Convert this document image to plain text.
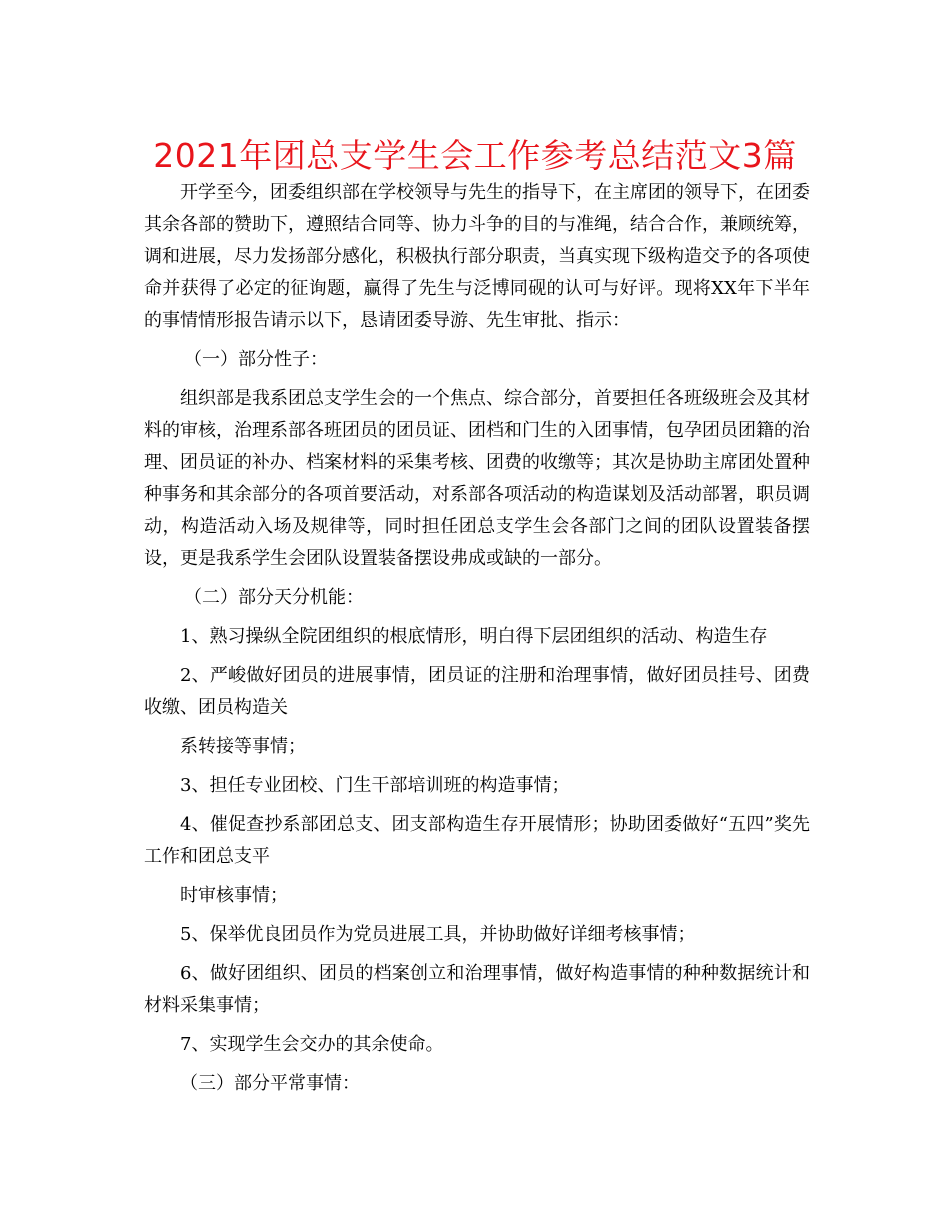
2021年团总支学生会工作参考总结范文3篇

开学至今，团委组织部在学校领导与先生的指导下，在主席团的领导下，在团委其余各部的赞助下，遵照结合同等、协力斗争的目的与准绳，结合合作，兼顾统筹，调和进展，尽力发扬部分感化，积极执行部分职责，当真实现下级构造交予的各项使命并获得了必定的征询题，赢得了先生与泛博同砚的认可与好评。现将XX年下半年的事情情形报告请示以下，恳请团委导游、先生审批、指示：

（一）部分性子：

组织部是我系团总支学生会的一个焦点、综合部分，首要担任各班级班会及其材料的审核，治理系部各班团员的团员证、团档和门生的入团事情，包孕团员团籍的治理、团员证的补办、档案材料的采集考核、团费的收缴等；其次是协助主席团处置种种事务和其余部分的各项首要活动，对系部各项活动的构造谋划及活动部署，职员调动，构造活动入场及规律等，同时担任团总支学生会各部门之间的团队设置装备摆设，更是我系学生会团队设置装备摆设弗成或缺的一部分。

（二）部分天分机能：

1、熟习操纵全院团组织的根底情形，明白得下层团组织的活动、构造生存

2、严峻做好团员的进展事情，团员证的注册和治理事情，做好团员挂号、团费收缴、团员构造关

系转接等事情；

3、担任专业团校、门生干部培训班的构造事情；

4、催促查抄系部团总支、团支部构造生存开展情形；协助团委做好“五四”奖先工作和团总支平

时审核事情；

5、保举优良团员作为党员进展工具，并协助做好详细考核事情；

6、做好团组织、团员的档案创立和治理事情，做好构造事情的种种数据统计和材料采集事情；

7、实现学生会交办的其余使命。

（三）部分平常事情：
